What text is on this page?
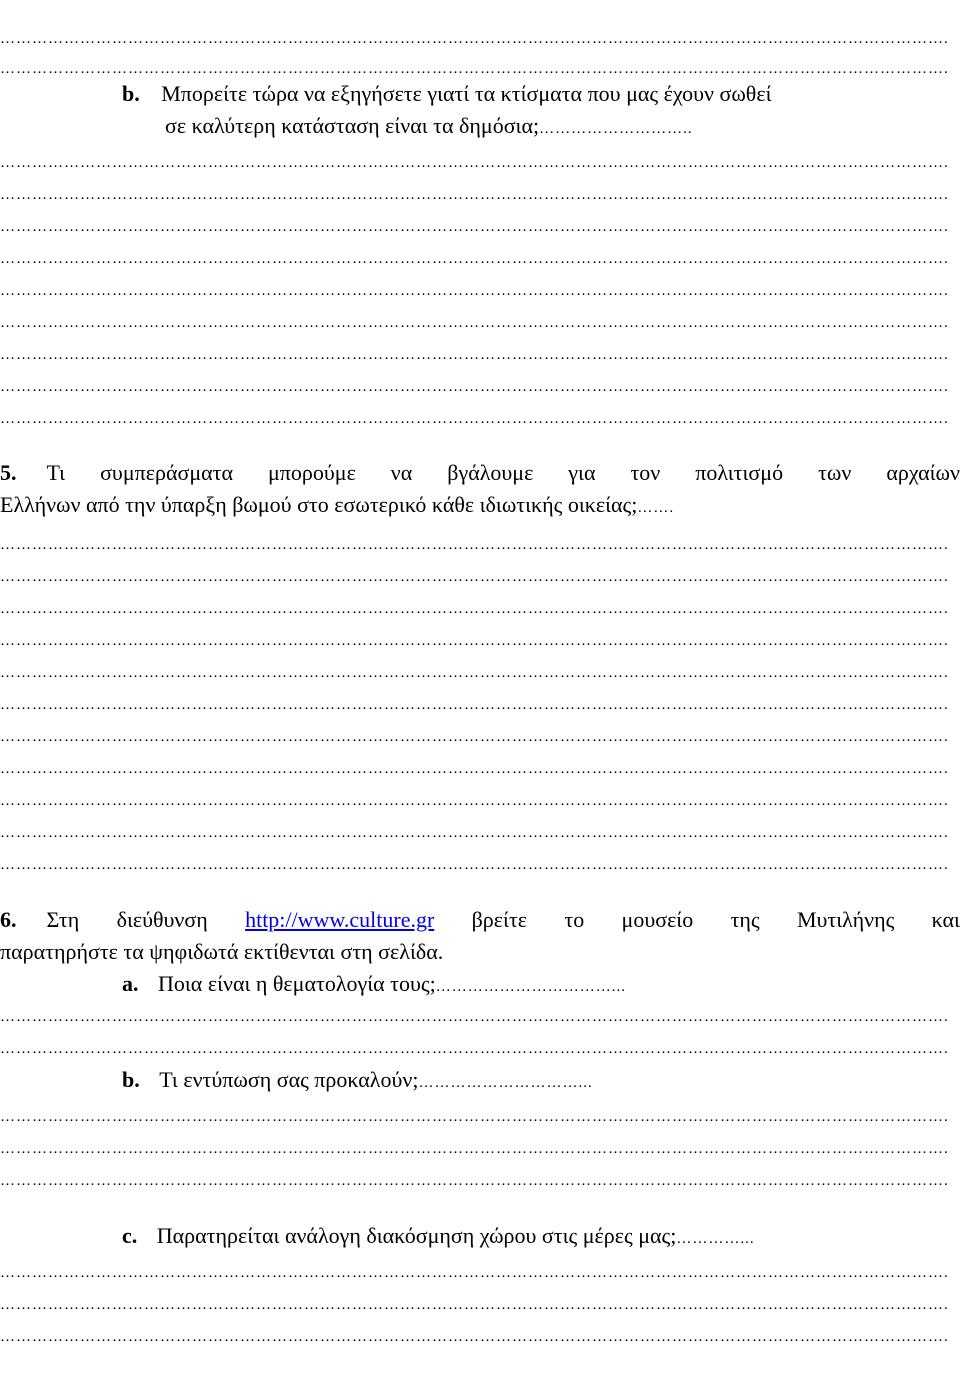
…………………………………………………………………………………………………………………………………………………………….
…………………………………………………………………………………………………………………………………………………………….
b. Μπορείτε τώρα να εξηγήσετε γιατί τα κτίσματα που μας έχουν σωθεί
σε καλύτερη κατάσταση είναι τα δημόσια;………………………..
…………………………………………………………………………………………………………………………………………………………….
…………………………………………………………………………………………………………………………………………………………….
…………………………………………………………………………………………………………………………………………………………….
…………………………………………………………………………………………………………………………………………………………….
…………………………………………………………………………………………………………………………………………………………….
…………………………………………………………………………………………………………………………………………………………….
…………………………………………………………………………………………………………………………………………………………….
…………………………………………………………………………………………………………………………………………………………….
…………………………………………………………………………………………………………………………………………………………….
5. Τι συμπεράσματα μπορούμε να βγάλουμε για τον πολιτισμό των αρχαίων
Ελλήνων από την ύπαρξη βωμού στο εσωτερικό κάθε ιδιωτικής οικείας;…….
…………………………………………………………………………………………………………………………………………………………….
…………………………………………………………………………………………………………………………………………………………….
…………………………………………………………………………………………………………………………………………………………….
…………………………………………………………………………………………………………………………………………………………….
…………………………………………………………………………………………………………………………………………………………….
…………………………………………………………………………………………………………………………………………………………….
…………………………………………………………………………………………………………………………………………………………….
…………………………………………………………………………………………………………………………………………………………….
…………………………………………………………………………………………………………………………………………………………….
…………………………………………………………………………………………………………………………………………………………….
…………………………………………………………………………………………………………………………………………………………….
6. Στη διεύθυνση http://www.culture.gr βρείτε το μουσείο της Μυτιλήνης και
παρατηρήστε τα ψηφιδωτά εκτίθενται στη σελίδα.
a. Ποια είναι η θεματολογία τους;……………………………...
…………………………………………………………………………………………………………………………………………………………….
…………………………………………………………………………………………………………………………………………………………….
b. Τι εντύπωση σας προκαλούν;…………………………...
…………………………………………………………………………………………………………………………………………………………….
…………………………………………………………………………………………………………………………………………………………….
…………………………………………………………………………………………………………………………………………………………….
c. Παρατηρείται ανάλογη διακόσμηση χώρου στις μέρες μας;…………...
…………………………………………………………………………………………………………………………………………………………….
…………………………………………………………………………………………………………………………………………………………….
…………………………………………………………………………………………………………………………………………………………….
